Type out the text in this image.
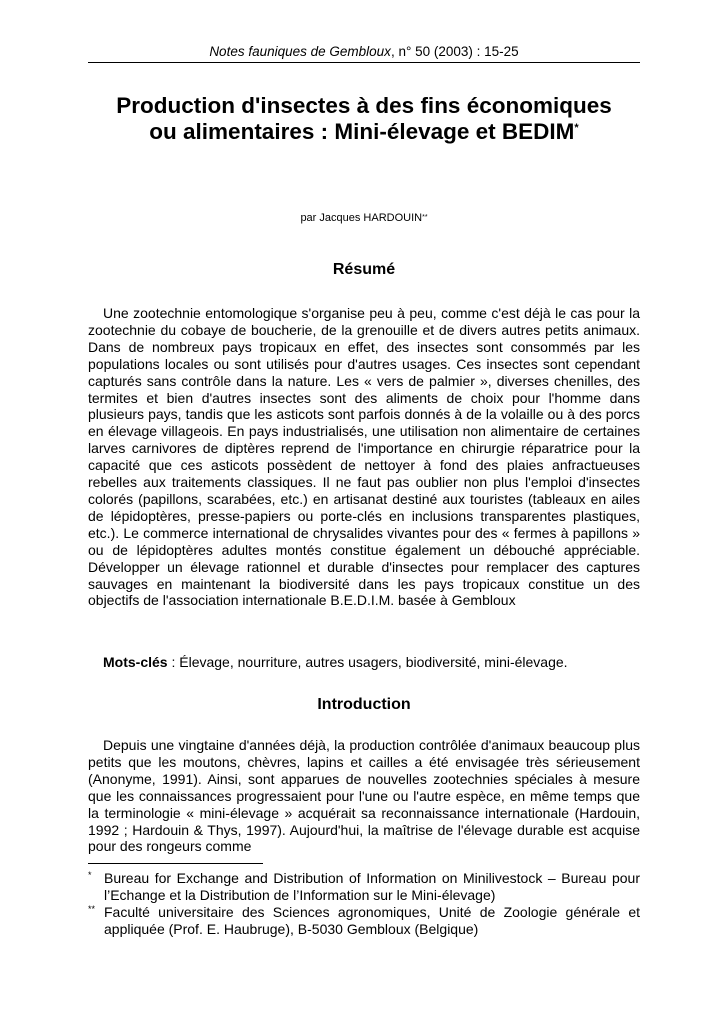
Notes fauniques de Gembloux, n° 50 (2003) : 15-25
Production d'insectes à des fins économiques
ou alimentaires : Mini-élevage et BEDIM*
par Jacques HARDOUIN**
Résumé

Une zootechnie entomologique s'organise peu à peu, comme c'est déjà le cas pour la zootechnie du cobaye de boucherie, de la grenouille et de divers autres petits animaux. Dans de nombreux pays tropicaux en effet, des insectes sont consommés par les populations locales ou sont utilisés pour d'autres usages. Ces insectes sont cependant capturés sans contrôle dans la nature. Les « vers de palmier », diverses chenilles, des termites et bien d'autres insectes sont des aliments de choix pour l'homme dans plusieurs pays, tandis que les asticots sont parfois donnés à de la volaille ou à des porcs en élevage villageois. En pays industrialisés, une utilisation non alimentaire de certaines larves carnivores de diptères reprend de l'importance en chirurgie réparatrice pour la capacité que ces asticots possèdent de nettoyer à fond des plaies anfractueuses rebelles aux traitements classiques. Il ne faut pas oublier non plus l'emploi d'insectes colorés (papillons, scarabées, etc.) en artisanat destiné aux touristes (tableaux en ailes de lépidoptères, presse-papiers ou porte-clés en inclusions transparentes plastiques, etc.). Le commerce international de chrysalides vivantes pour des « fermes à papillons » ou de lépidoptères adultes montés constitue également un débouché appréciable. Développer un élevage rationnel et durable d'insectes pour remplacer des captures sauvages en maintenant la biodiversité dans les pays tropicaux constitue un des objectifs de l'association internationale B.E.D.I.M. basée à Gembloux

Mots-clés : Élevage, nourriture, autres usagers, biodiversité, mini-élevage.
Introduction

Depuis une vingtaine d'années déjà, la production contrôlée d'animaux beaucoup plus petits que les moutons, chèvres, lapins et cailles a été envisagée très sérieusement (Anonyme, 1991). Ainsi, sont apparues de nouvelles zootechnies spéciales à mesure que les connaissances progressaient pour l'une ou l'autre espèce, en même temps que la terminologie « mini-élevage » acquérait sa reconnaissance internationale (Hardouin, 1992 ; Hardouin & Thys, 1997). Aujourd'hui, la maîtrise de l'élevage durable est acquise pour des rongeurs comme

* Bureau for Exchange and Distribution of Information on Minilivestock – Bureau pour l’Echange et la Distribution de l’Information sur le Mini-élevage)
** Faculté universitaire des Sciences agronomiques, Unité de Zoologie générale et appliquée (Prof. E. Haubruge), B-5030 Gembloux (Belgique)
